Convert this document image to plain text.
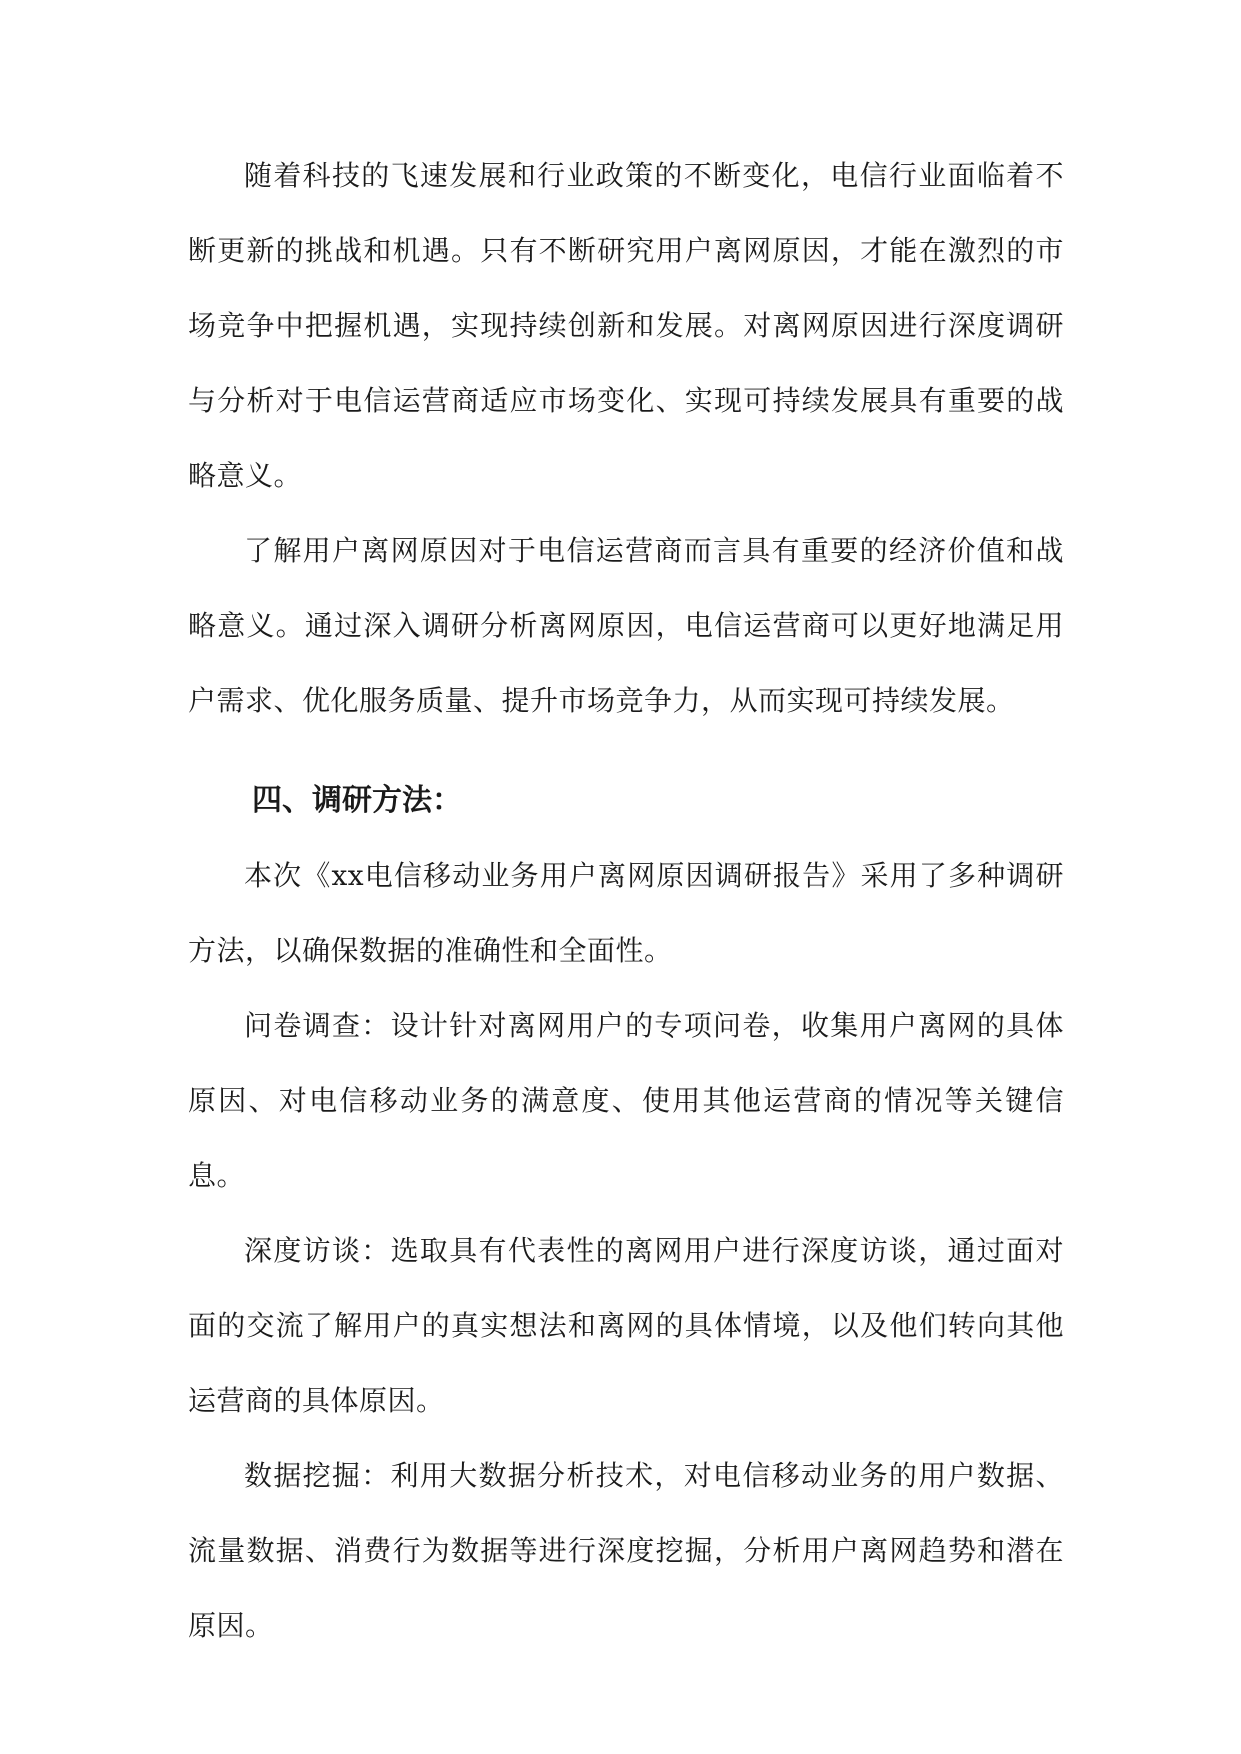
随着科技的飞速发展和行业政策的不断变化，电信行业面临着不断更新的挑战和机遇。只有不断研究用户离网原因，才能在激烈的市场竞争中把握机遇，实现持续创新和发展。对离网原因进行深度调研与分析对于电信运营商适应市场变化、实现可持续发展具有重要的战略意义。

了解用户离网原因对于电信运营商而言具有重要的经济价值和战略意义。通过深入调研分析离网原因，电信运营商可以更好地满足用户需求、优化服务质量、提升市场竞争力，从而实现可持续发展。

四、调研方法：

本次《xx电信移动业务用户离网原因调研报告》采用了多种调研方法，以确保数据的准确性和全面性。

问卷调查：设计针对离网用户的专项问卷，收集用户离网的具体原因、对电信移动业务的满意度、使用其他运营商的情况等关键信息。

深度访谈：选取具有代表性的离网用户进行深度访谈，通过面对面的交流了解用户的真实想法和离网的具体情境，以及他们转向其他运营商的具体原因。

数据挖掘：利用大数据分析技术，对电信移动业务的用户数据、流量数据、消费行为数据等进行深度挖掘，分析用户离网趋势和潜在原因。
